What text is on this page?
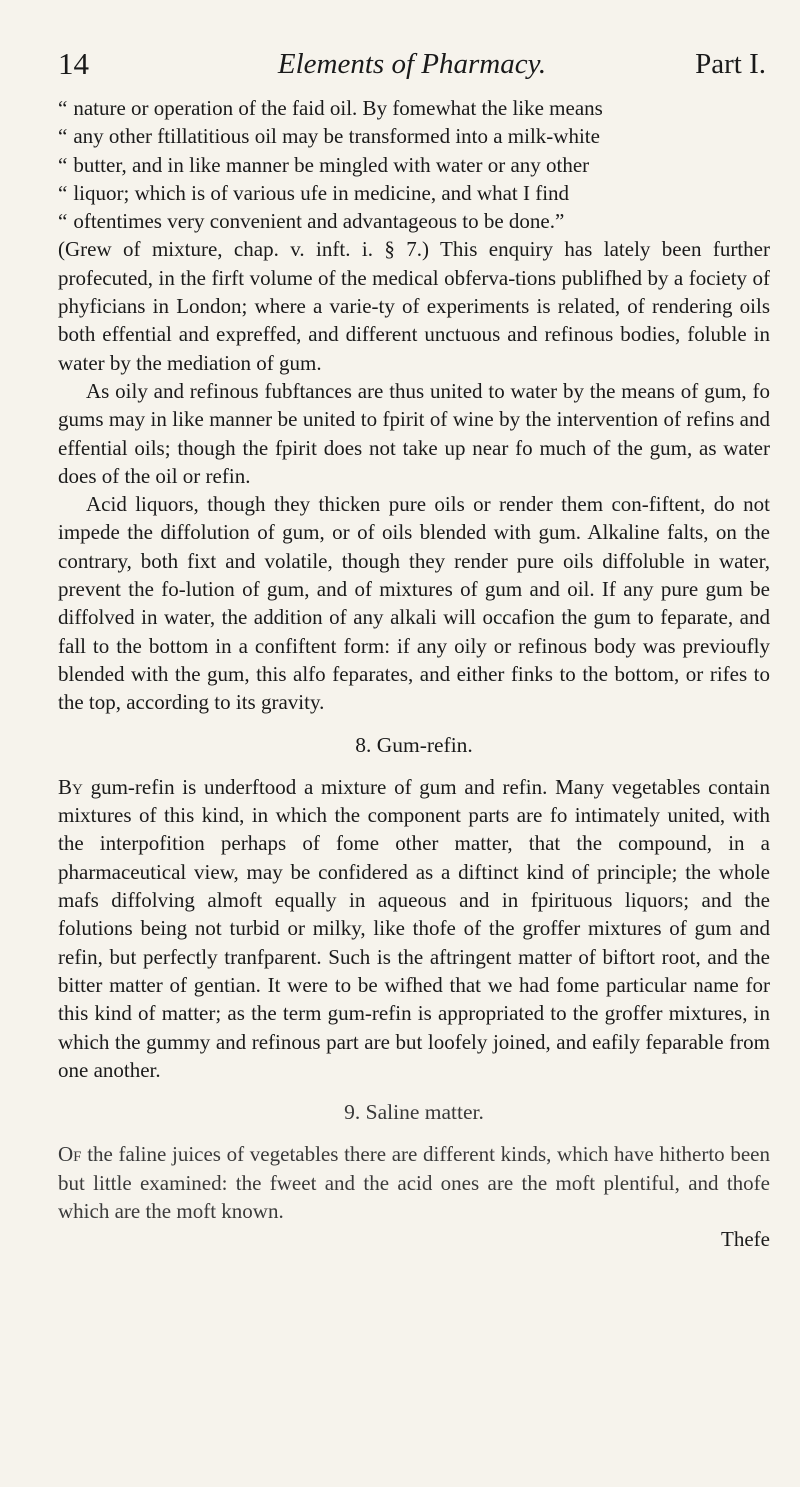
14	Elements of Pharmacy.	Part I.

“ nature or operation of the faid oil. By fomewhat the like means

“ any other ftillatitious oil may be transformed into a milk-white

“ butter, and in like manner be mingled with water or any other

“ liquor; which is of various ufe in medicine, and what I find

“ oftentimes very convenient and advantageous to be done.”

(Grew of mixture, chap. v. inft. i. § 7.) This enquiry has lately been further profecuted, in the firft volume of the medical obferva-tions publifhed by a fociety of phyficians in London; where a varie-ty of experiments is related, of rendering oils both effential and expreffed, and different unctuous and refinous bodies, foluble in water by the mediation of gum.

As oily and refinous fubftances are thus united to water by the means of gum, fo gums may in like manner be united to fpirit of wine by the intervention of refins and effential oils; though the fpirit does not take up near fo much of the gum, as water does of the oil or refin.

Acid liquors, though they thicken pure oils or render them con-fiftent, do not impede the diffolution of gum, or of oils blended with gum. Alkaline falts, on the contrary, both fixt and volatile, though they render pure oils diffoluble in water, prevent the fo-lution of gum, and of mixtures of gum and oil. If any pure gum be diffolved in water, the addition of any alkali will occafion the gum to feparate, and fall to the bottom in a confiftent form: if any oily or refinous body was previoufly blended with the gum, this alfo feparates, and either finks to the bottom, or rifes to the top, according to its gravity.

8. Gum-refin.

By gum-refin is underftood a mixture of gum and refin. Many vegetables contain mixtures of this kind, in which the component parts are fo intimately united, with the interpofition perhaps of fome other matter, that the compound, in a pharmaceutical view, may be confidered as a diftinct kind of principle; the whole mafs diffolving almoft equally in aqueous and in fpirituous liquors; and the folutions being not turbid or milky, like thofe of the groffer mixtures of gum and refin, but perfectly tranfparent. Such is the aftringent matter of biftort root, and the bitter matter of gentian. It were to be wifhed that we had fome particular name for this kind of matter; as the term gum-refin is appropriated to the groffer mixtures, in which the gummy and refinous part are but loofely joined, and eafily feparable from one another.

9. Saline matter.

Of the faline juices of vegetables there are different kinds, which have hitherto been but little examined: the fweet and the acid ones are the moft plentiful, and thofe which are the moft known.

Thefe
